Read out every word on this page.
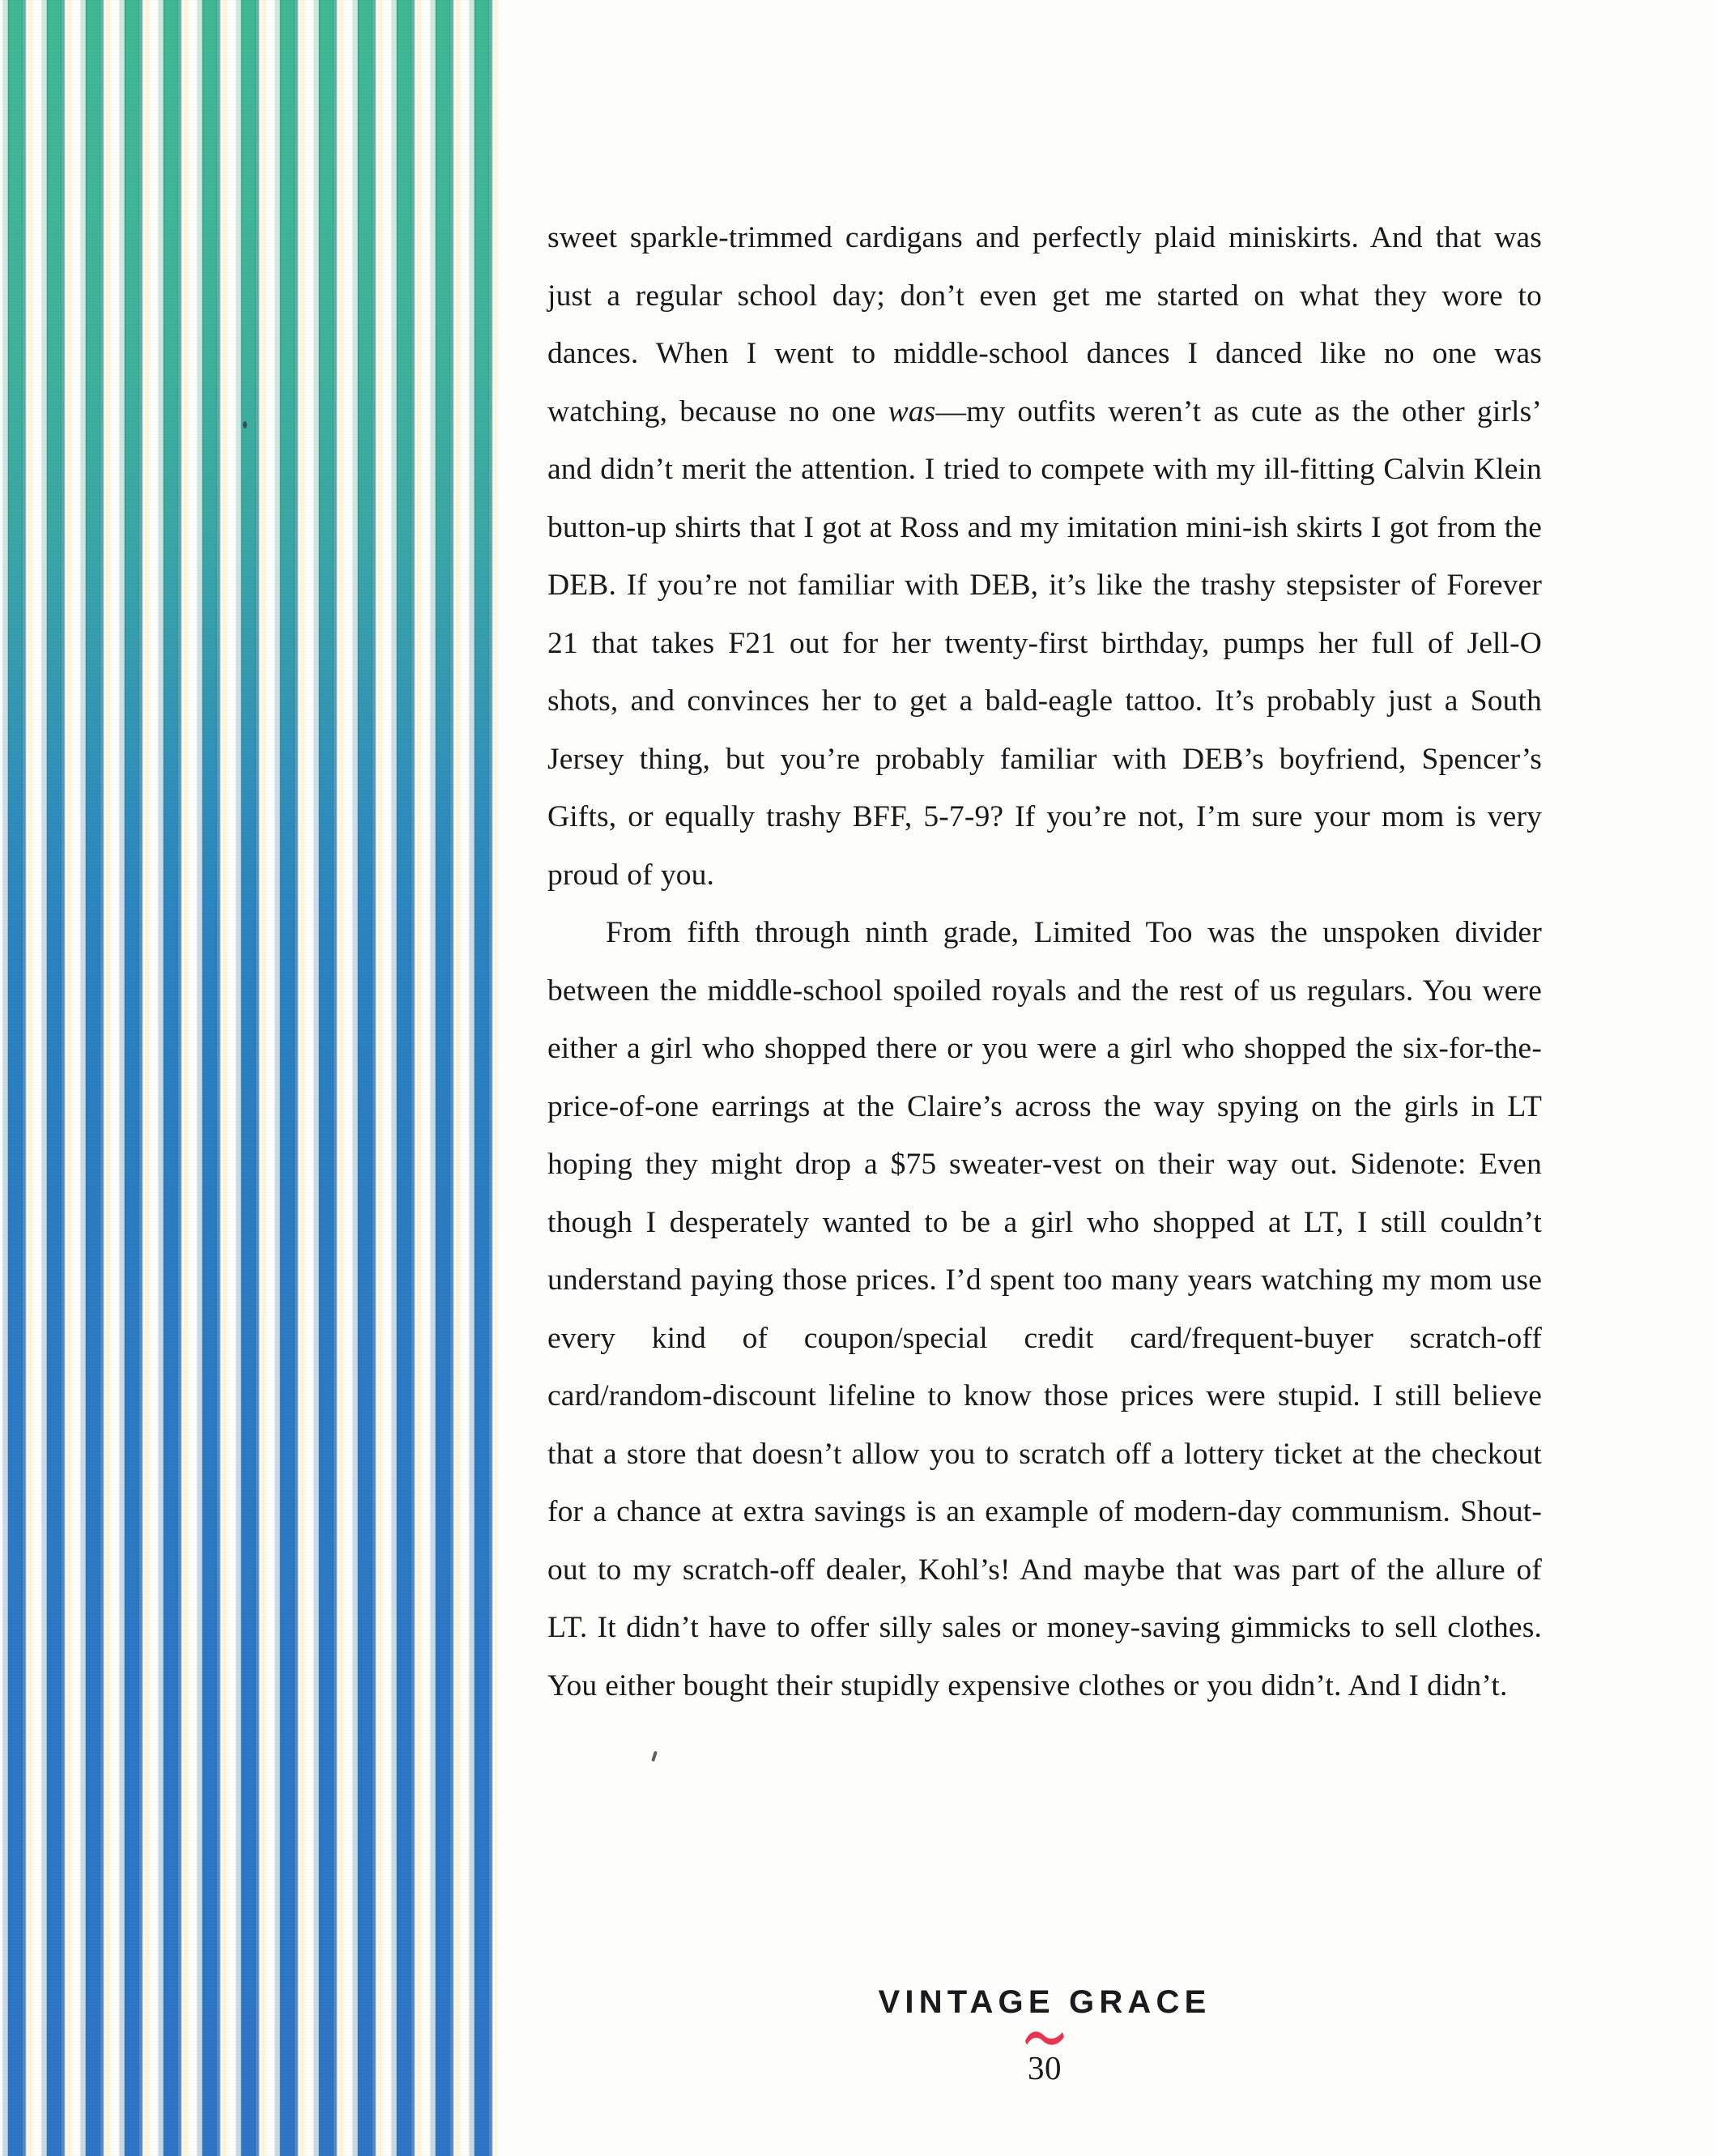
sweet sparkle-trimmed cardigans and perfectly plaid miniskirts. And that was just a regular school day; don’t even get me started on what they wore to dances. When I went to middle-school dances I danced like no one was watching, because no one was—my outfits weren’t as cute as the other girls’ and didn’t merit the attention. I tried to compete with my ill-fitting Calvin Klein button-up shirts that I got at Ross and my imitation mini-ish skirts I got from the DEB. If you’re not familiar with DEB, it’s like the trashy stepsister of Forever 21 that takes F21 out for her twenty-first birthday, pumps her full of Jell-O shots, and convinces her to get a bald-eagle tattoo. It’s probably just a South Jersey thing, but you’re probably familiar with DEB’s boyfriend, Spencer’s Gifts, or equally trashy BFF, 5-7-9? If you’re not, I’m sure your mom is very proud of you.

From fifth through ninth grade, Limited Too was the unspoken divider between the middle-school spoiled royals and the rest of us regulars. You were either a girl who shopped there or you were a girl who shopped the six-for-the-price-of-one earrings at the Claire’s across the way spying on the girls in LT hoping they might drop a $75 sweater-vest on their way out. Sidenote: Even though I desperately wanted to be a girl who shopped at LT, I still couldn’t understand paying those prices. I’d spent too many years watching my mom use every kind of coupon/special credit card/frequent-buyer scratch-off card/random-discount lifeline to know those prices were stupid. I still believe that a store that doesn’t allow you to scratch off a lottery ticket at the checkout for a chance at extra savings is an example of modern-day communism. Shout-out to my scratch-off dealer, Kohl’s! And maybe that was part of the allure of LT. It didn’t have to offer silly sales or money-saving gimmicks to sell clothes. You either bought their stupidly expensive clothes or you didn’t. And I didn’t.

VINTAGE GRACE
30
